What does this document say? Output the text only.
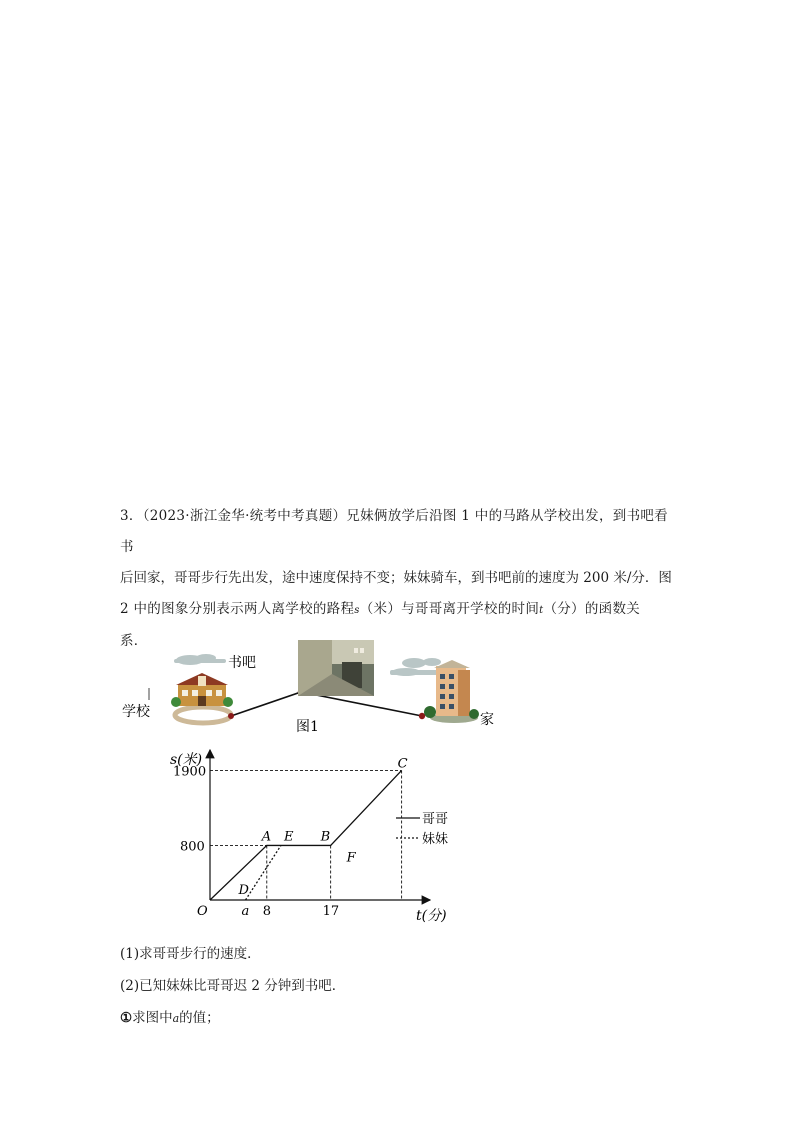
3．（2023·浙江金华·统考中考真题）兄妹俩放学后沿图 1 中的马路从学校出发，到书吧看书
后回家，哥哥步行先出发，途中速度保持不变；妹妹骑车，到书吧前的速度为 200 米/分．图
2 中的图象分别表示两人离学校的路程s（米）与哥哥离开学校的时间t（分）的函数关
系．
书吧
学校	家
图1
1900
800
a 8	17
O
A E B
C
D
F
s(米)
t(分)
哥哥
妹妹
(1)求哥哥步行的速度．
(2)已知妹妹比哥哥迟 2 分钟到书吧．
①求图中a的值；
